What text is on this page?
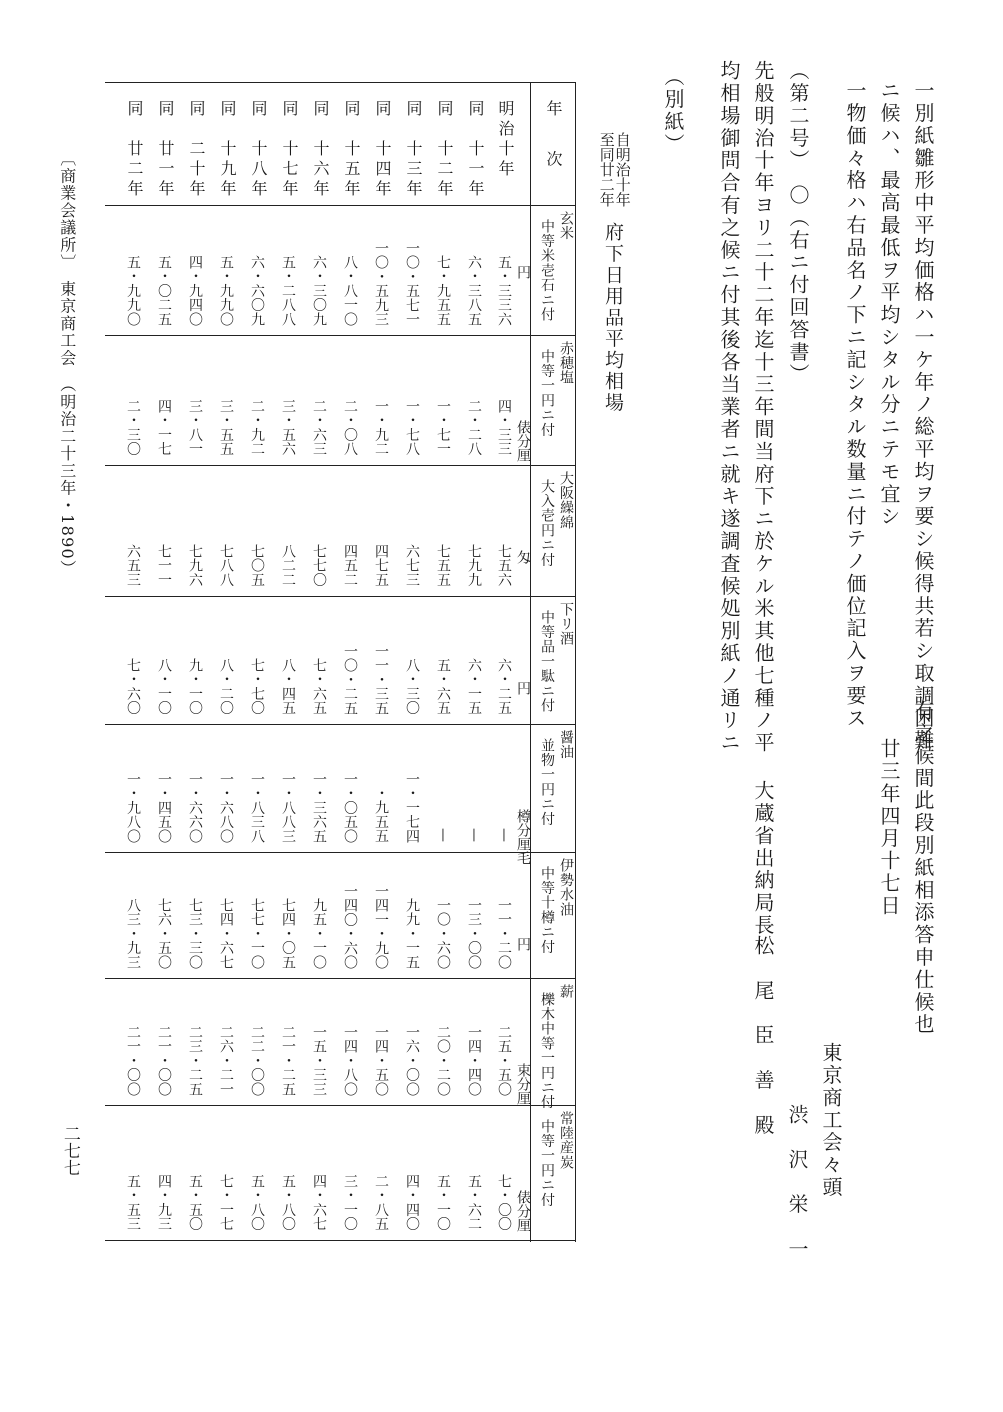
一別紙雛形中平均価格ハ一ケ年ノ総平均ヲ要シ候得共若シ取調困難
ニ候ハ、最高最低ヲ平均シタル分ニテモ宜シ
一物価々格ハ右品名ノ下ニ記シタル数量ニ付テノ価位記入ヲ要ス
（第二号）　〇（右ニ付回答書）
先般明治十年ヨリ二十二年迄十三年間当府下ニ於ケル米其他七種ノ平
均相場御問合有之候ニ付其後各当業者ニ就キ遂調査候処別紙ノ通リニ
（別紙）
有之候間此段別紙相添答申仕候也
廿三年四月十七日
東京商工会々頭
渋　沢　栄　一
大蔵省出納局長
松　尾　臣　善　殿
自明治十年
至同廿二年
府下日用品平均相場
年　　次
〔商業会議所〕　東京商工会　（明治二十三年・1890）
二七七
玄米
中等米壱石ニ付
円
赤穂塩
中等一円ニ付
俵分厘
大阪繰綿
大入壱円ニ付
匁
下リ酒
中等品一駄ニ付
円
醤油
並物一円ニ付
樽分厘毛
伊勢水油
中等十樽ニ付
円
薪
櫟木中等一円ニ付
束分厘
常陸産炭
中等一円ニ付
俵分厘
明治十年
五・三三六
四・三三
七五六
六・二五
—
一一・二〇
二五・五〇
七・〇〇
同　十一年
六・三八五
二・二八
七九九
六・一五
—
一三・〇〇
一四・四〇
五・六二
同　十二年
七・九五五
一・七一
七五五
五・六五
—
一〇・六〇
二〇・二〇
五・一〇
同　十三年
一〇・五七一
一・七八
六七三
八・三〇
一・一七四
九九・一五
一六・〇〇
四・四〇
同　十四年
一〇・五九三
一・九二
四七五
一一・三五
・九五五
一四一・九〇
一四・五〇
二・八五
同　十五年
八・八一〇
二・〇八
四五二
一〇・二五
一・〇五〇
一四〇・六〇
一四・八〇
三・一〇
同　十六年
六・三〇九
二・六三
七七〇
七・六五
一・三六五
九五・一〇
一五・三三
四・六七
同　十七年
五・二八八
三・五六
八二二
八・四五
一・八八三
七四・〇五
二一・二五
五・八〇
同　十八年
六・六〇九
二・九二
七〇五
七・七〇
一・八三八
七七・一〇
二二・〇〇
五・八〇
同　十九年
五・九九〇
三・五五
七八八
八・二〇
一・六八〇
七四・六七
二六・二一
七・一七
同　二十年
四・九四〇
三・八一
七九六
九・一〇
一・六六〇
七三・三〇
二三・二五
五・五〇
同　廿一年
五・〇二五
四・一七
七一一
八・一〇
一・四五〇
七六・五〇
二一・〇〇
四・九三
同　廿二年
五・九九〇
二・三〇
六五三
七・六〇
一・九八〇
八三・九三
二一・〇〇
五・五三
